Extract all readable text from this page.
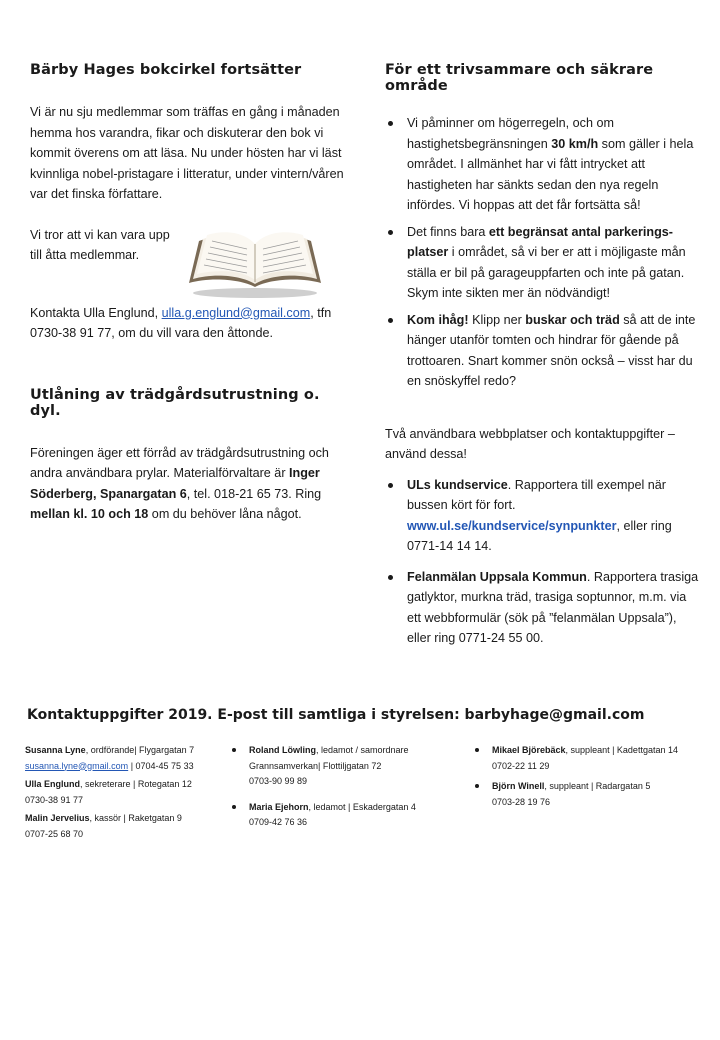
Bärby Hages bokcirkel fortsätter

Vi är nu sju medlemmar som träffas en gång i månaden hemma hos varandra, fikar och diskuterar den bok vi kommit överens om att läsa. Nu under hösten har vi läst kvinnliga nobel-pristagare i litteratur, under vintern/våren var det finska författare.

Vi tror att vi kan vara upp till åtta medlemmar.

Kontakta Ulla Englund, ulla.g.englund@gmail.com, tfn 0730-38 91 77, om du vill vara den åttonde.

Utlåning av trädgårdsutrustning o. dyl.

Föreningen äger ett förråd av trädgårdsutrustning och andra användbara prylar. Materialförvaltare är Inger Söderberg, Spanargatan 6, tel. 018-21 65 73. Ring mellan kl. 10 och 18 om du behöver låna något.

För ett trivsammare och säkrare område
Vi påminner om högerregeln, och om hastighetsbegränsningen 30 km/h som gäller i hela området. I allmänhet har vi fått intrycket att hastigheten har sänkts sedan den nya regeln infördes. Vi hoppas att det får fortsätta så!
Det finns bara ett begränsat antal parkerings-platser i området, så vi ber er att i möjligaste mån ställa er bil på garageuppfarten och inte på gatan. Skym inte sikten mer än nödvändigt!
Kom ihåg! Klipp ner buskar och träd så att de inte hänger utanför tomten och hindrar för gående på trottoaren. Snart kommer snön också – visst har du en snöskyffel redo?

Två användbara webbplatser och kontaktuppgifter – använd dessa!

ULs kundservice. Rapportera till exempel när bussen kört för fort. www.ul.se/kundservice/synpunkter, eller ring 0771-14 14 14.
Felanmälan Uppsala Kommun. Rapportera trasiga gatlyktor, murkna träd, trasiga soptunnor, m.m. via ett webbformulär (sök på ”felanmälan Uppsala”), eller ring 0771-24 55 00.
Kontaktuppgifter 2019. E-post till samtliga i styrelsen: barbyhage@gmail.com
Susanna Lyne, ordförande| Flygargatan 7
susanna.lyne@gmail.com | 0704-45 75 33
Ulla Englund, sekreterare | Rotegatan 12
0730-38 91 77
Malin Jervelius, kassör | Raketgatan 9
0707-25 68 70
Roland Löwling, ledamot / samordnare Grannsamverkan| Flottiljgatan 72
0703-90 99 89
Maria Ejehorn, ledamot | Eskadergatan 4
0709-42 76 36
Mikael Björebäck, suppleant | Kadettgatan 14
0702-22 11 29
Björn Winell, suppleant | Radargatan 5
0703-28 19 76
